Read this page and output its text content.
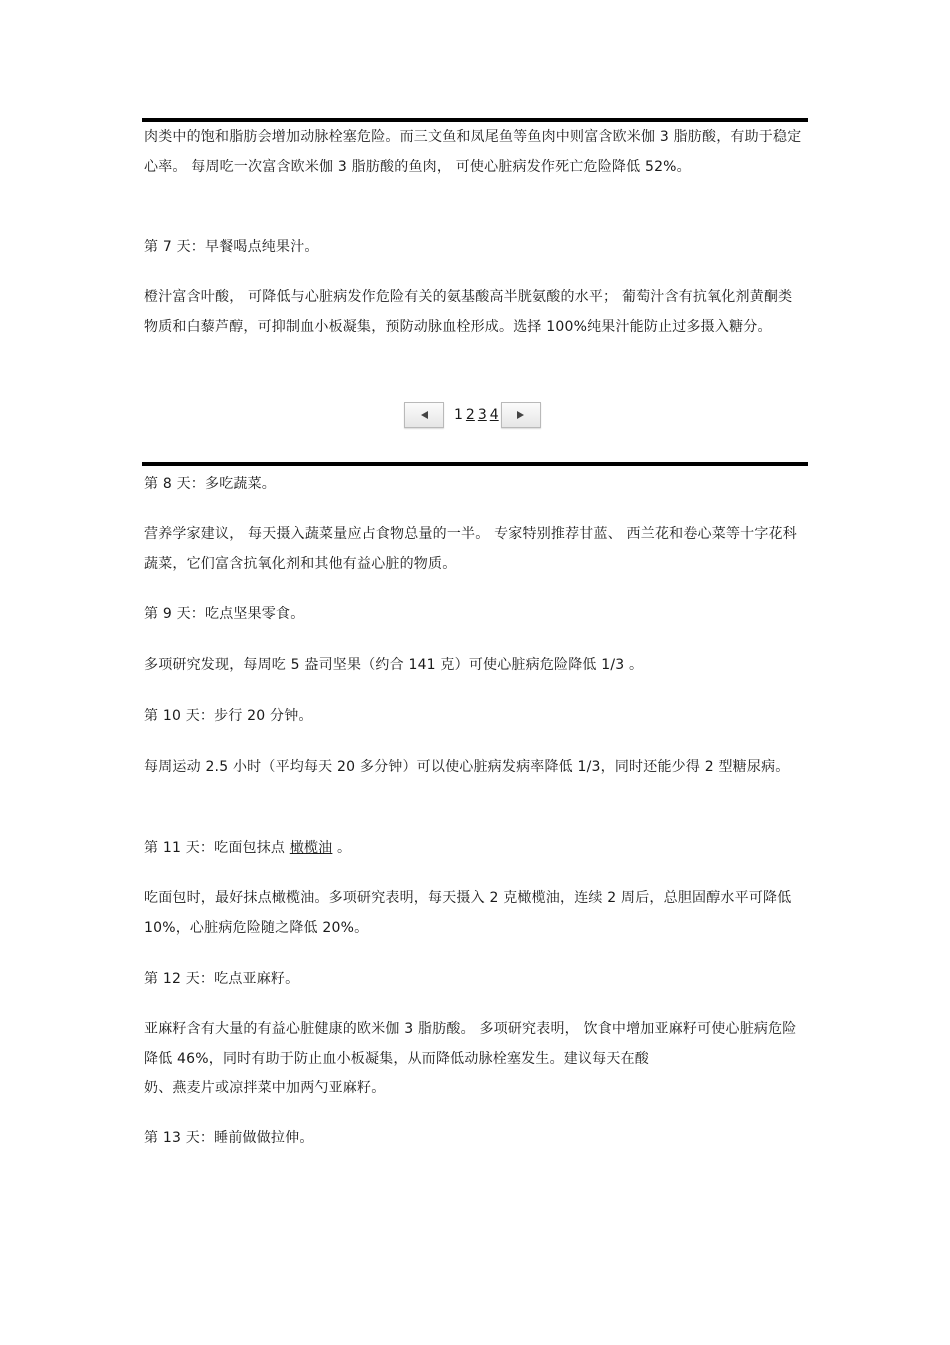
肉类中的饱和脂肪会增加动脉栓塞危险。而三文鱼和凤尾鱼等鱼肉中则富含欧米伽 3 脂肪酸，有助于稳定心率。 每周吃一次富含欧米伽 3 脂肪酸的鱼肉， 可使心脏病发作死亡危险降低 52%。

第 7 天：早餐喝点纯果汁。

橙汁富含叶酸， 可降低与心脏病发作危险有关的氨基酸高半胱氨酸的水平； 葡萄汁含有抗氧化剂黄酮类物质和白藜芦醇，可抑制血小板凝集，预防动脉血栓形成。选择 100%纯果汁能防止过多摄入糖分。

1 2 3 4

第 8 天：多吃蔬菜。

营养学家建议， 每天摄入蔬菜量应占食物总量的一半。 专家特别推荐甘蓝、 西兰花和卷心菜等十字花科蔬菜，它们富含抗氧化剂和其他有益心脏的物质。

第 9 天：吃点坚果零食。

多项研究发现，每周吃 5 盎司坚果（约合 141 克）可使心脏病危险降低 1/3 。

第 10 天：步行 20 分钟。

每周运动 2.5 小时（平均每天 20 多分钟）可以使心脏病发病率降低 1/3，同时还能少得 2 型糖尿病。

第 11 天：吃面包抹点 橄榄油 。

吃面包时，最好抹点橄榄油。多项研究表明，每天摄入 2 克橄榄油，连续 2 周后，总胆固醇水平可降低 10%，心脏病危险随之降低 20%。

第 12 天：吃点亚麻籽。

亚麻籽含有大量的有益心脏健康的欧米伽 3 脂肪酸。 多项研究表明， 饮食中增加亚麻籽可使心脏病危险降低 46%，同时有助于防止血小板凝集，从而降低动脉栓塞发生。建议每天在酸
奶、燕麦片或凉拌菜中加两勺亚麻籽。

第 13 天：睡前做做拉伸。
